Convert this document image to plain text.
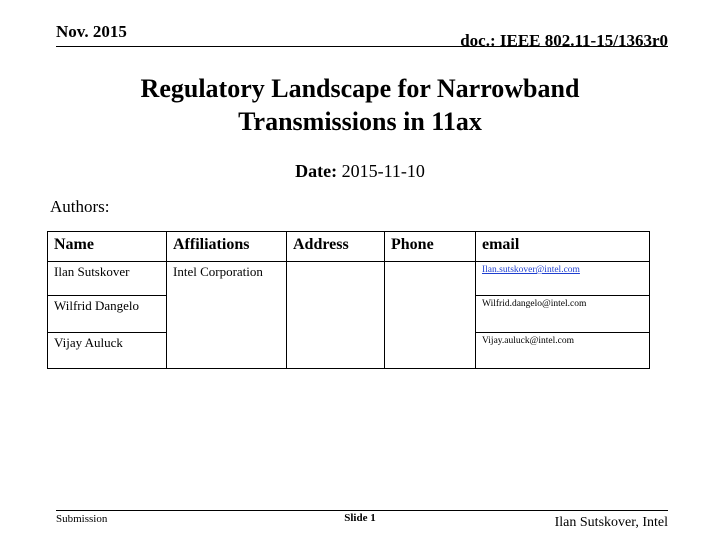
Nov. 2015	doc.: IEEE 802.11-15/1363r0
Regulatory Landscape for Narrowband
Transmissions in 11ax
Date: 2015-11-10
Authors:
Name	Affiliations	Address	Phone	email
Ilan Sutskover	Intel Corporation			Ilan.sutskover@intel.com
Wilfrid Dangelo				Wilfrid.dangelo@intel.com
Vijay Auluck				Vijay.auluck@intel.com
Submission	Slide 1	Ilan Sutskover, Intel
